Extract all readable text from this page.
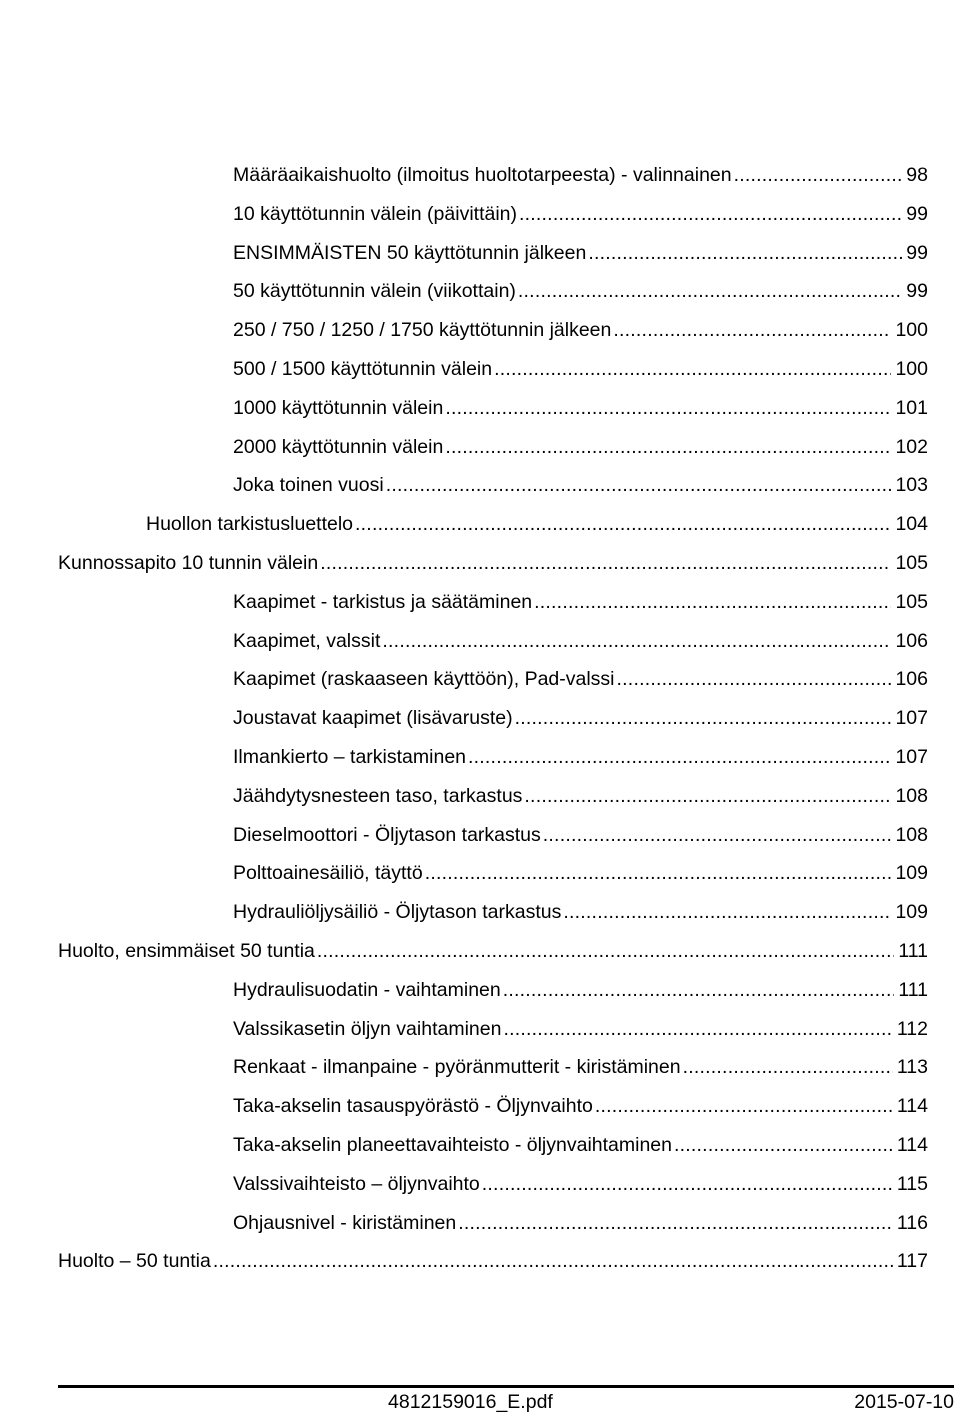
Määräaikaishuolto (ilmoitus huoltotarpeesta) - valinnainen . . .	98
10 käyttötunnin välein (päivittäin) . . .	99
ENSIMMÄISTEN 50 käyttötunnin jälkeen . . .	99
50 käyttötunnin välein (viikottain) . . .	99
250 / 750 / 1250 / 1750 käyttötunnin jälkeen . . .	100
500 / 1500 käyttötunnin välein . . .	100
1000 käyttötunnin välein . . .	101
2000 käyttötunnin välein . . .	102
Joka toinen vuosi . . .	103
Huollon tarkistusluettelo . . .	104
Kunnossapito 10 tunnin välein . . .	105
Kaapimet - tarkistus ja säätäminen . . .	105
Kaapimet, valssit . . .	106
Kaapimet (raskaaseen käyttöön), Pad-valssi . . .	106
Joustavat kaapimet (lisävaruste) . . .	107
Ilmankierto – tarkistaminen . . .	107
Jäähdytysnesteen taso, tarkastus . . .	108
Dieselmoottori - Öljytason tarkastus . . .	108
Polttoainesäiliö, täyttö . . .	109
Hydrauliöljysäiliö - Öljytason tarkastus . . .	109
Huolto, ensimmäiset 50 tuntia . . .	111
Hydraulisuodatin - vaihtaminen . . .	111
Valssikasetin öljyn vaihtaminen . . .	112
Renkaat - ilmanpaine - pyöränmutterit - kiristäminen . . .	113
Taka-akselin tasauspyörästö - Öljynvaihto . . .	114
Taka-akselin planeettavaihteisto - öljynvaihtaminen . . .	114
Valssivaihteisto – öljynvaihto . . .	115
Ohjausnivel - kiristäminen . . .	116
Huolto – 50 tuntia . . .	117
4812159016_E.pdf	2015-07-10
